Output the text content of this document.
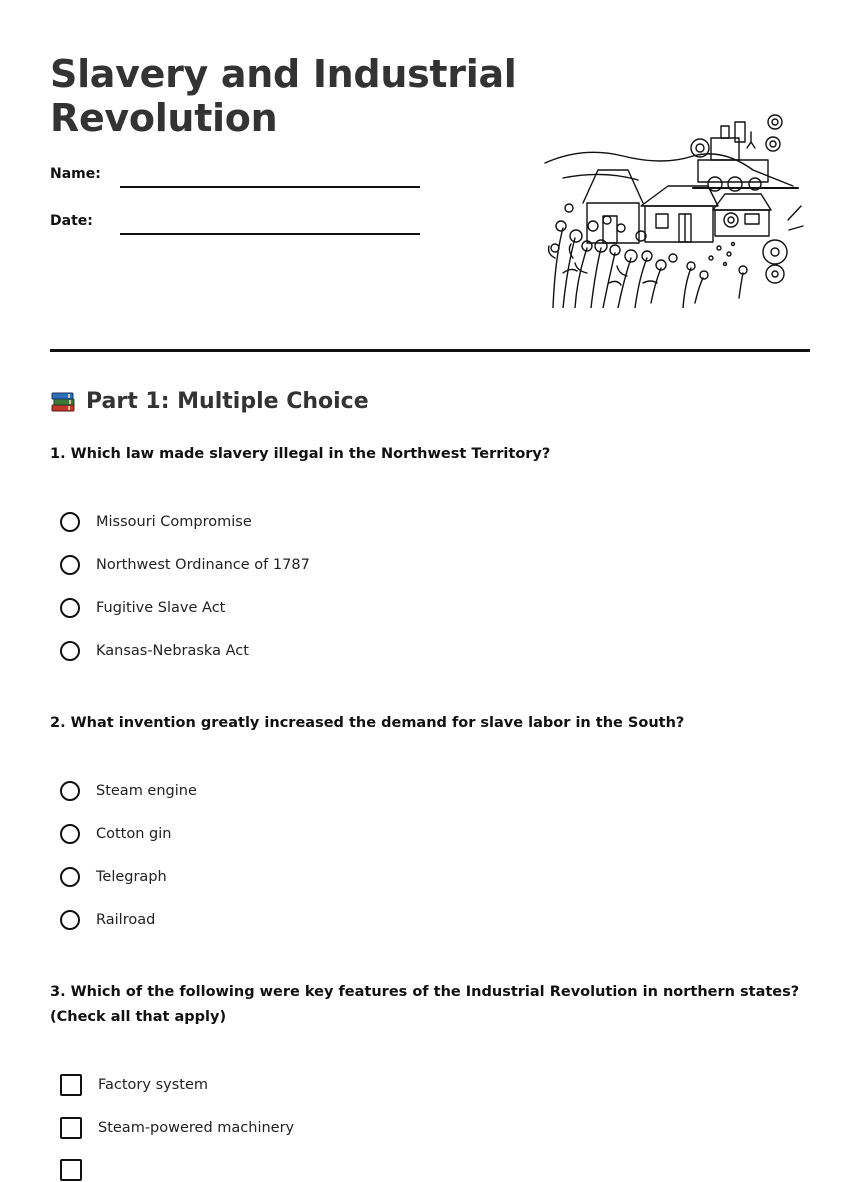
Slavery and Industrial Revolution
Name:
Date:
Part 1: Multiple Choice
1. Which law made slavery illegal in the Northwest Territory?
Missouri Compromise
Northwest Ordinance of 1787
Fugitive Slave Act
Kansas-Nebraska Act
2. What invention greatly increased the demand for slave labor in the South?
Steam engine
Cotton gin
Telegraph
Railroad
3. Which of the following were key features of the Industrial Revolution in northern states? (Check all that apply)
Factory system
Steam-powered machinery
